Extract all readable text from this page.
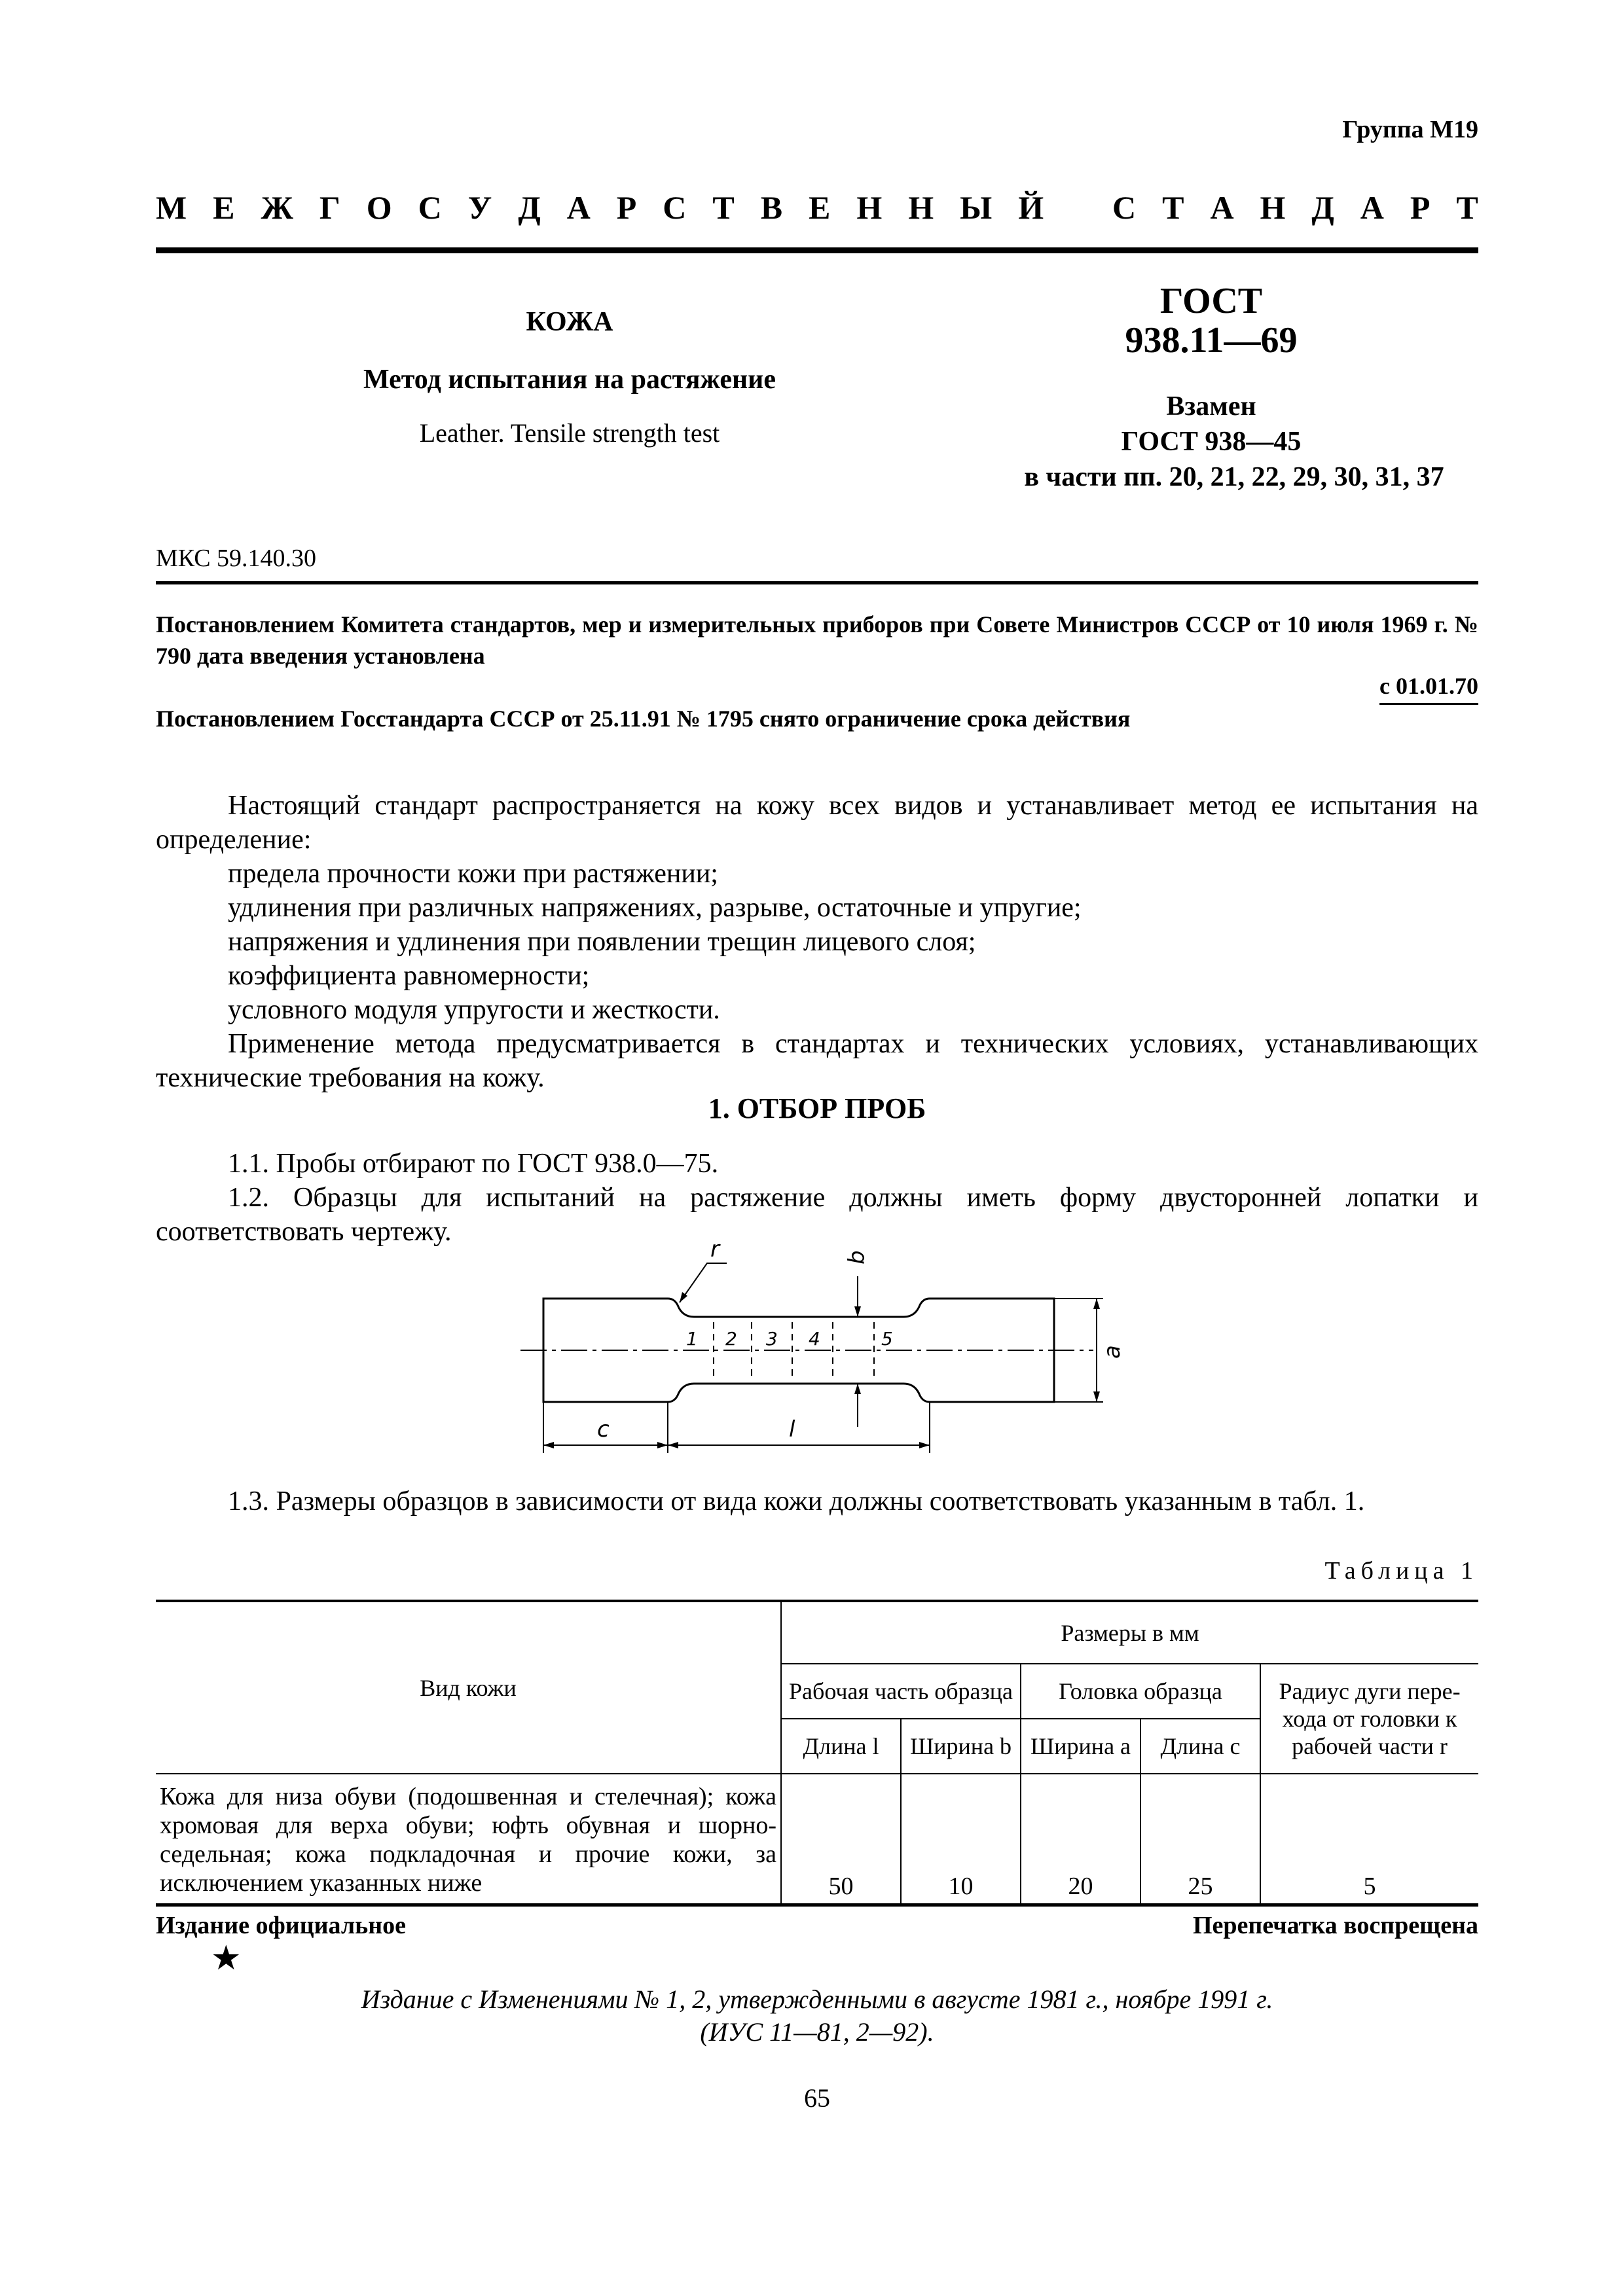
Группа М19
М Е Ж Г О С У Д А Р С Т В Е Н Н Ы Й
С Т А Н Д А Р Т
КОЖА
Метод испытания на растяжение
Leather. Tensile strength test
ГОСТ
938.11—69
Взамен
ГОСТ 938—45
в части пп. 20, 21, 22, 29, 30, 31, 37
МКС 59.140.30
Постановлением Комитета стандартов, мер и измерительных приборов при Совете Министров СССР от 10 июля 1969 г. № 790 дата введения установлена
с 01.01.70
Постановлением Госстандарта СССР от 25.11.91 № 1795 снято ограничение срока действия
Настоящий стандарт распространяется на кожу всех видов и устанавливает метод ее испытания на определение:
предела прочности кожи при растяжении;
удлинения при различных напряжениях, разрыве, остаточные и упругие;
напряжения и удлинения при появлении трещин лицевого слоя;
коэффициента равномерности;
условного модуля упругости и жесткости.
Применение метода предусматривается в стандартах и технических условиях, устанавливающих технические требования на кожу.
1. ОТБОР ПРОБ
1.1. Пробы отбирают по ГОСТ 938.0—75.
1.2. Образцы для испытаний на растяжение должны иметь форму двусторонней лопатки и соответствовать чертежу.
r	b
a
c	l
1 2 3 4	5
1.3. Размеры образцов в зависимости от вида кожи должны соответствовать указанным в табл. 1.
Таблица 1
Вид кожи	Размеры в мм				
	Рабочая часть образца		Головка образца		Радиус дуги пере-хода от головки к рабочей части r
	Длина l	Ширина b	Ширина a	Длина c	
Кожа для низа обуви (подошвенная и стелечная); кожа хромовая для верха обуви; юфть обувная и шорно-седельная; кожа подкладочная и прочие кожи, за исключением указанных ниже	50	10	20	25	5
Издание официальное	Перепечатка воспрещена
★
Издание с Изменениями № 1, 2, утвержденными в августе 1981 г., ноябре 1991 г.
(ИУС 11—81, 2—92).
65
